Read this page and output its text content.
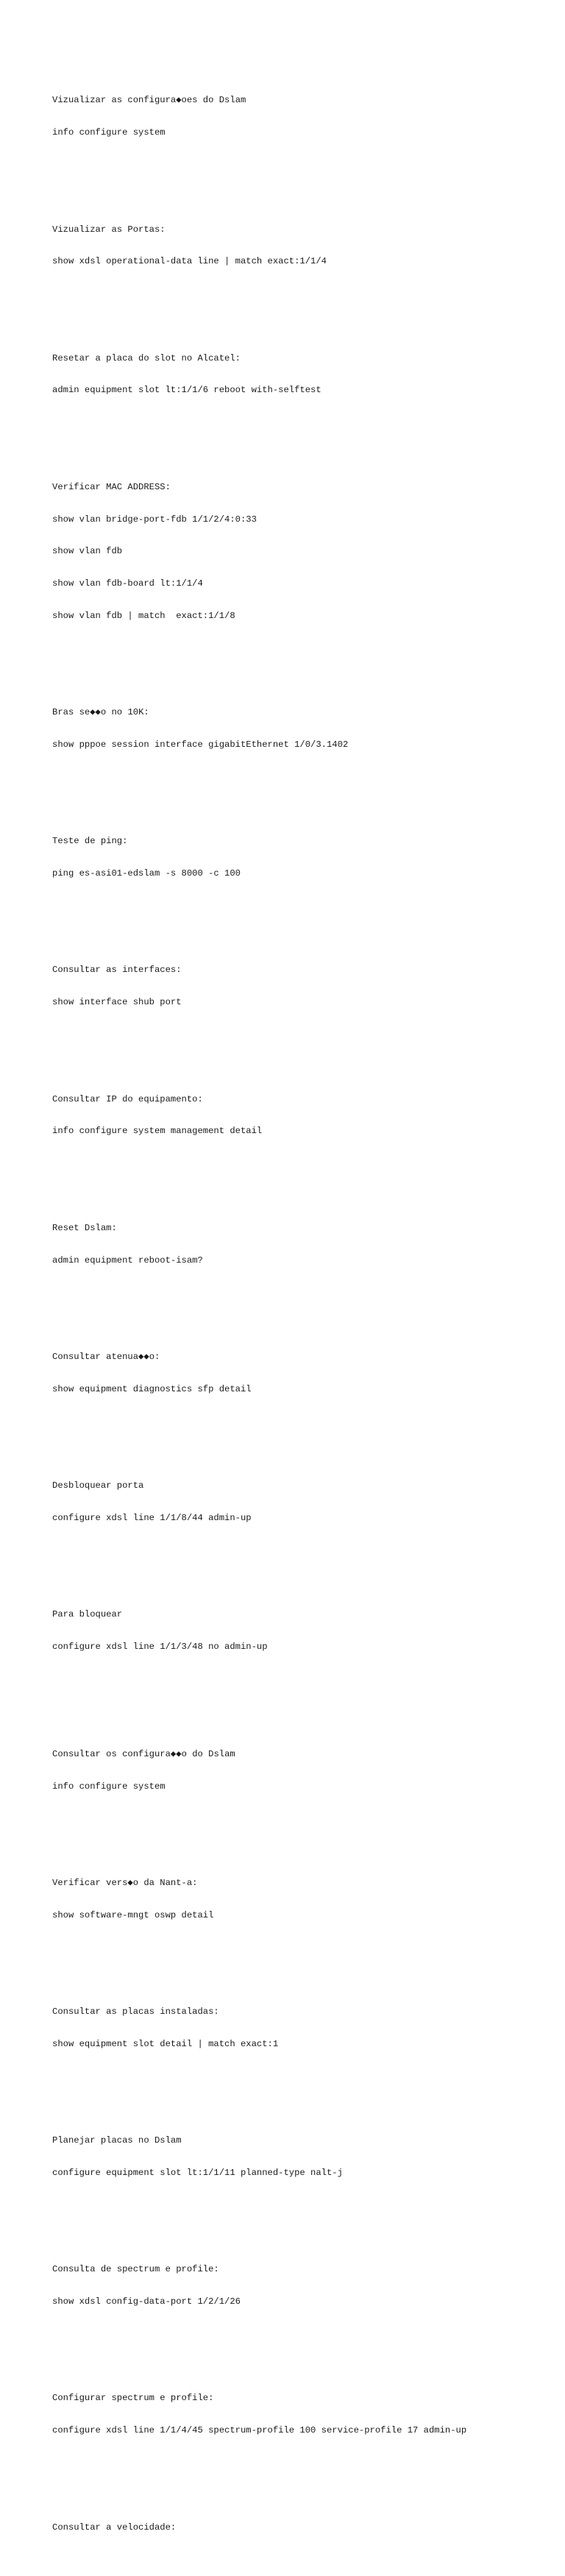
Vizualizar as configura◆oes do Dslam

info configure system

Vizualizar as Portas:

show xdsl operational-data line | match exact:1/1/4

Resetar a placa do slot no Alcatel:

admin equipment slot lt:1/1/6 reboot with-selftest

Verificar MAC ADDRESS:

show vlan bridge-port-fdb 1/1/2/4:0:33

show vlan fdb

show vlan fdb-board lt:1/1/4

show vlan fdb | match  exact:1/1/8

Bras se◆◆o no 10K:

show pppoe session interface gigabitEthernet 1/0/3.1402

Teste de ping:

ping es-asi01-edslam -s 8000 -c 100

Consultar as interfaces:

show interface shub port

Consultar IP do equipamento:

info configure system management detail

Reset Dslam:

admin equipment reboot-isam?

Consultar atenua◆◆o:

show equipment diagnostics sfp detail

Desbloquear porta

configure xdsl line 1/1/8/44 admin-up

Para bloquear

configure xdsl line 1/1/3/48 no admin-up

Consultar os configura◆◆o do Dslam

info configure system

Verificar vers◆o da Nant-a:

show software-mngt oswp detail

Consultar as placas instaladas:

show equipment slot detail | match exact:1

Planejar placas no Dslam

configure equipment slot lt:1/1/11 planned-type nalt-j

Consulta de spectrum e profile:

show xdsl config-data-port 1/2/1/26

Configurar spectrum e profile:

configure xdsl line 1/1/4/45 spectrum-profile 100 service-profile 17 admin-up

Consultar a velocidade:
